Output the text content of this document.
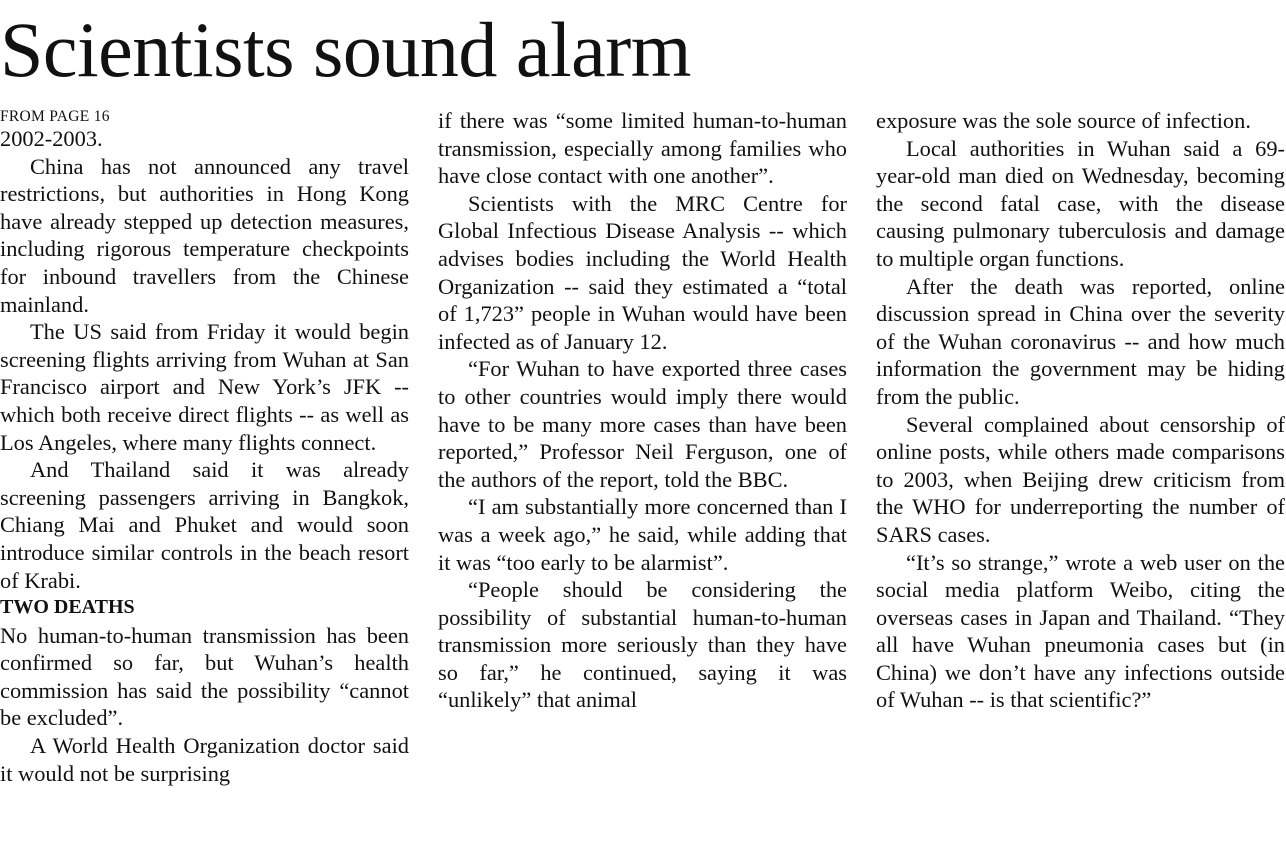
Scientists sound alarm
FROM PAGE 16

2002-2003.

China has not announced any travel restrictions, but authorities in Hong Kong have already stepped up detection measures, including rigorous temperature checkpoints for inbound travellers from the Chinese mainland.

The US said from Friday it would begin screening flights arriving from Wuhan at San Francisco airport and New York’s JFK -- which both receive direct flights -- as well as Los Angeles, where many flights connect.

And Thailand said it was already screening passengers arriving in Bangkok, Chiang Mai and Phuket and would soon introduce similar controls in the beach resort of Krabi.

TWO DEATHS

No human-to-human transmission has been confirmed so far, but Wuhan’s health commission has said the possibility “cannot be excluded”.

A World Health Organization doctor said it would not be surprising

if there was “some limited human-to-human transmission, especially among families who have close contact with one another”.

Scientists with the MRC Centre for Global Infectious Disease Analysis -- which advises bodies including the World Health Organization -- said they estimated a “total of 1,723” people in Wuhan would have been infected as of January 12.

“For Wuhan to have exported three cases to other countries would imply there would have to be many more cases than have been reported,” Professor Neil Ferguson, one of the authors of the report, told the BBC.

“I am substantially more concerned than I was a week ago,” he said, while adding that it was “too early to be alarmist”.

“People should be considering the possibility of substantial human-to-human transmission more seriously than they have so far,” he continued, saying it was “unlikely” that animal

exposure was the sole source of infection.

Local authorities in Wuhan said a 69-year-old man died on Wednesday, becoming the second fatal case, with the disease causing pulmonary tuberculosis and damage to multiple organ functions.

After the death was reported, online discussion spread in China over the severity of the Wuhan coronavirus -- and how much information the government may be hiding from the public.

Several complained about censorship of online posts, while others made comparisons to 2003, when Beijing drew criticism from the WHO for underreporting the number of SARS cases.

“It’s so strange,” wrote a web user on the social media platform Weibo, citing the overseas cases in Japan and Thailand. “They all have Wuhan pneumonia cases but (in China) we don’t have any infections outside of Wuhan -- is that scientific?”
